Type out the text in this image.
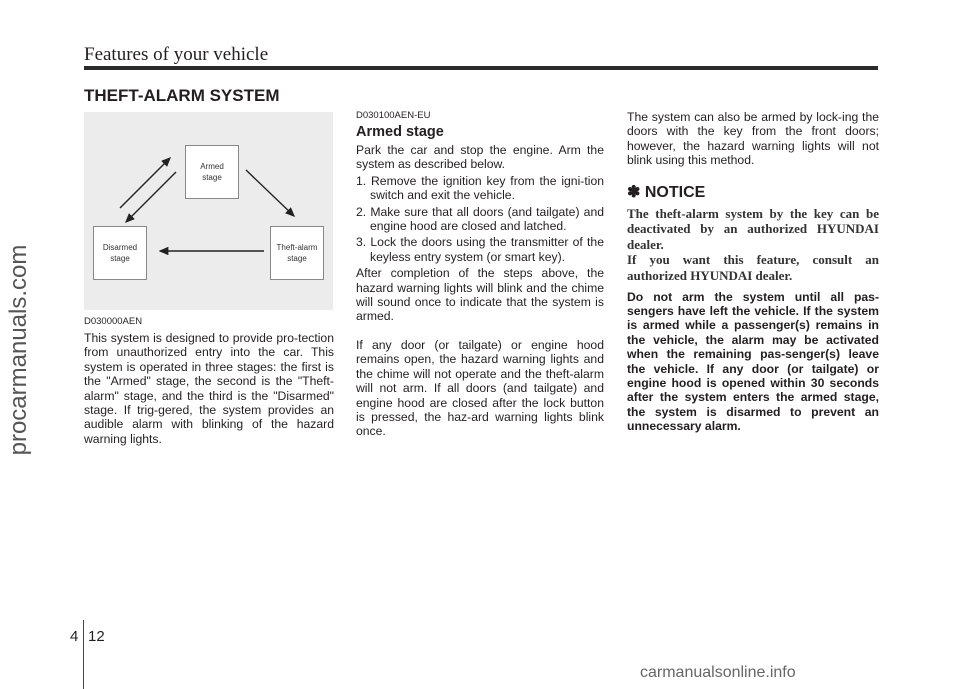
Features of your vehicle
procarmanuals.com
THEFT-ALARM SYSTEM
Armed stage
Disarmed stage
Theft-alarm stage
D030000AEN

This system is designed to provide pro-tection from unauthorized entry into the car. This system is operated in three stages: the first is the "Armed" stage, the second is the "Theft-alarm" stage, and the third is the "Disarmed" stage. If trig-gered, the system provides an audible alarm with blinking of the hazard warning lights.

D030100AEN-EU
Armed stage

Park the car and stop the engine. Arm the system as described below.

1. Remove the ignition key from the igni-tion switch and exit the vehicle.
2. Make sure that all doors (and tailgate) and engine hood are closed and latched.
3. Lock the doors using the transmitter of the keyless entry system (or smart key).

After completion of the steps above, the hazard warning lights will blink and the chime will sound once to indicate that the system is armed.

If any door (or tailgate) or engine hood remains open, the hazard warning lights and the chime will not operate and the theft-alarm will not arm. If all doors (and tailgate) and engine hood are closed after the lock button is pressed, the haz-ard warning lights blink once.

The system can also be armed by lock-ing the doors with the key from the front doors; however, the hazard warning lights will not blink using this method.

✽ NOTICE

The theft-alarm system by the key can be deactivated by an authorized HYUNDAI dealer.

If you want this feature, consult an authorized HYUNDAI dealer.

Do not arm the system until all pas-sengers have left the vehicle. If the system is armed while a passenger(s) remains in the vehicle, the alarm may be activated when the remaining pas-senger(s) leave the vehicle. If any door (or tailgate) or engine hood is opened within 30 seconds after the system enters the armed stage, the system is disarmed to prevent an unnecessary alarm.

4 12
carmanualsonline.info
